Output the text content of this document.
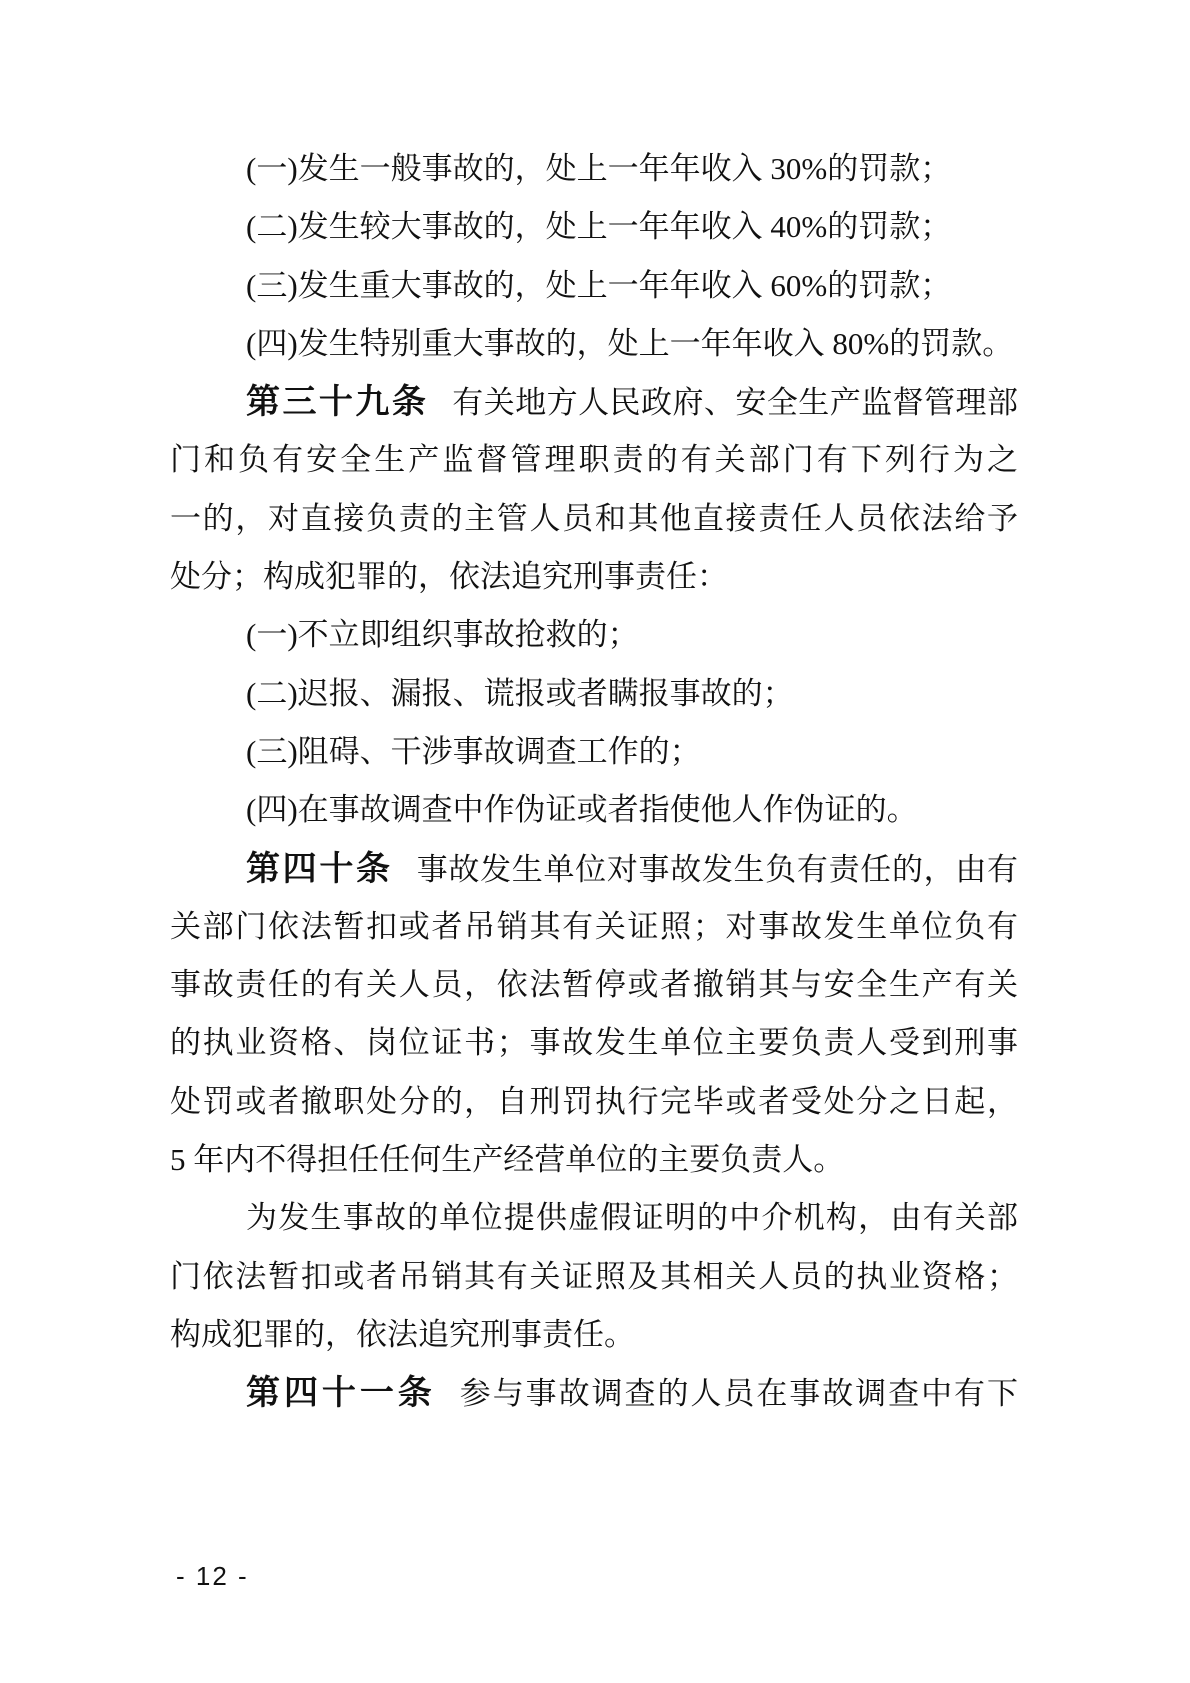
(一)发生一般事故的，处上一年年收入 30%的罚款；
(二)发生较大事故的，处上一年年收入 40%的罚款；
(三)发生重大事故的，处上一年年收入 60%的罚款；
(四)发生特别重大事故的，处上一年年收入 80%的罚款。
第三十九条 有关地方人民政府、安全生产监督管理部
门和负有安全生产监督管理职责的有关部门有下列行为之
一的，对直接负责的主管人员和其他直接责任人员依法给予
处分；构成犯罪的，依法追究刑事责任：
(一)不立即组织事故抢救的；
(二)迟报、漏报、谎报或者瞒报事故的；
(三)阻碍、干涉事故调查工作的；
(四)在事故调查中作伪证或者指使他人作伪证的。
第四十条 事故发生单位对事故发生负有责任的，由有
关部门依法暂扣或者吊销其有关证照；对事故发生单位负有
事故责任的有关人员，依法暂停或者撤销其与安全生产有关
的执业资格、岗位证书；事故发生单位主要负责人受到刑事
处罚或者撤职处分的，自刑罚执行完毕或者受处分之日起，
5 年内不得担任任何生产经营单位的主要负责人。
为发生事故的单位提供虚假证明的中介机构，由有关部
门依法暂扣或者吊销其有关证照及其相关人员的执业资格；
构成犯罪的，依法追究刑事责任。
第四十一条 参与事故调查的人员在事故调查中有下
- 12 -
